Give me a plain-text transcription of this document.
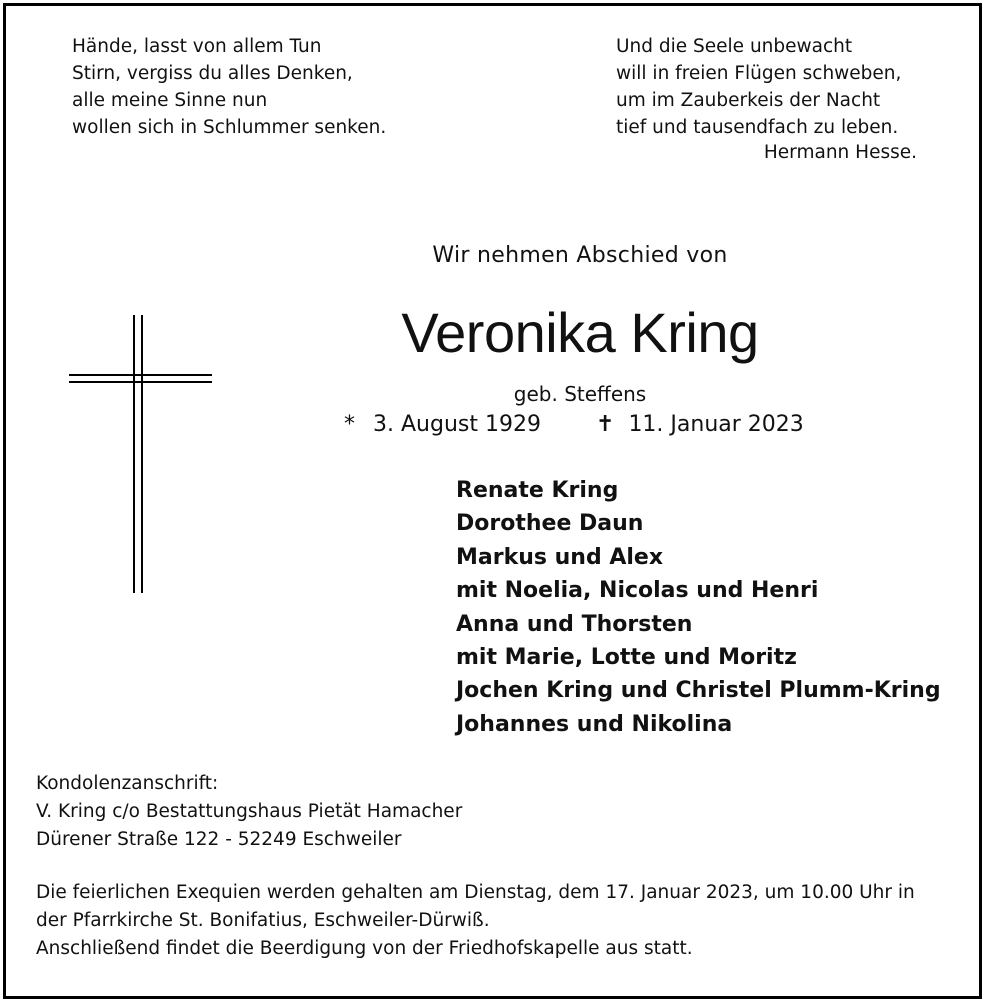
Hände, lasst von allem Tun
Stirn, vergiss du alles Denken,
alle meine Sinne nun
wollen sich in Schlummer senken.
Und die Seele unbewacht
will in freien Flügen schweben,
um im Zauberkeis der Nacht
tief und tausendfach zu leben.
Hermann Hesse.
Wir nehmen Abschied von
Veronika Kring
geb. Steffens
* 3. August 1929	✝ 11. Januar 2023
Renate Kring
Dorothee Daun
Markus und Alex
mit Noelia, Nicolas und Henri
Anna und Thorsten
mit Marie, Lotte und Moritz
Jochen Kring und Christel Plumm-Kring
Johannes und Nikolina
Kondolenzanschrift:
V. Kring c/o Bestattungshaus Pietät Hamacher
Dürener Straße 122 - 52249 Eschweiler
Die feierlichen Exequien werden gehalten am Dienstag, dem 17. Januar 2023, um 10.00 Uhr in
der Pfarrkirche St. Bonifatius, Eschweiler-Dürwiß.
Anschließend findet die Beerdigung von der Friedhofskapelle aus statt.
